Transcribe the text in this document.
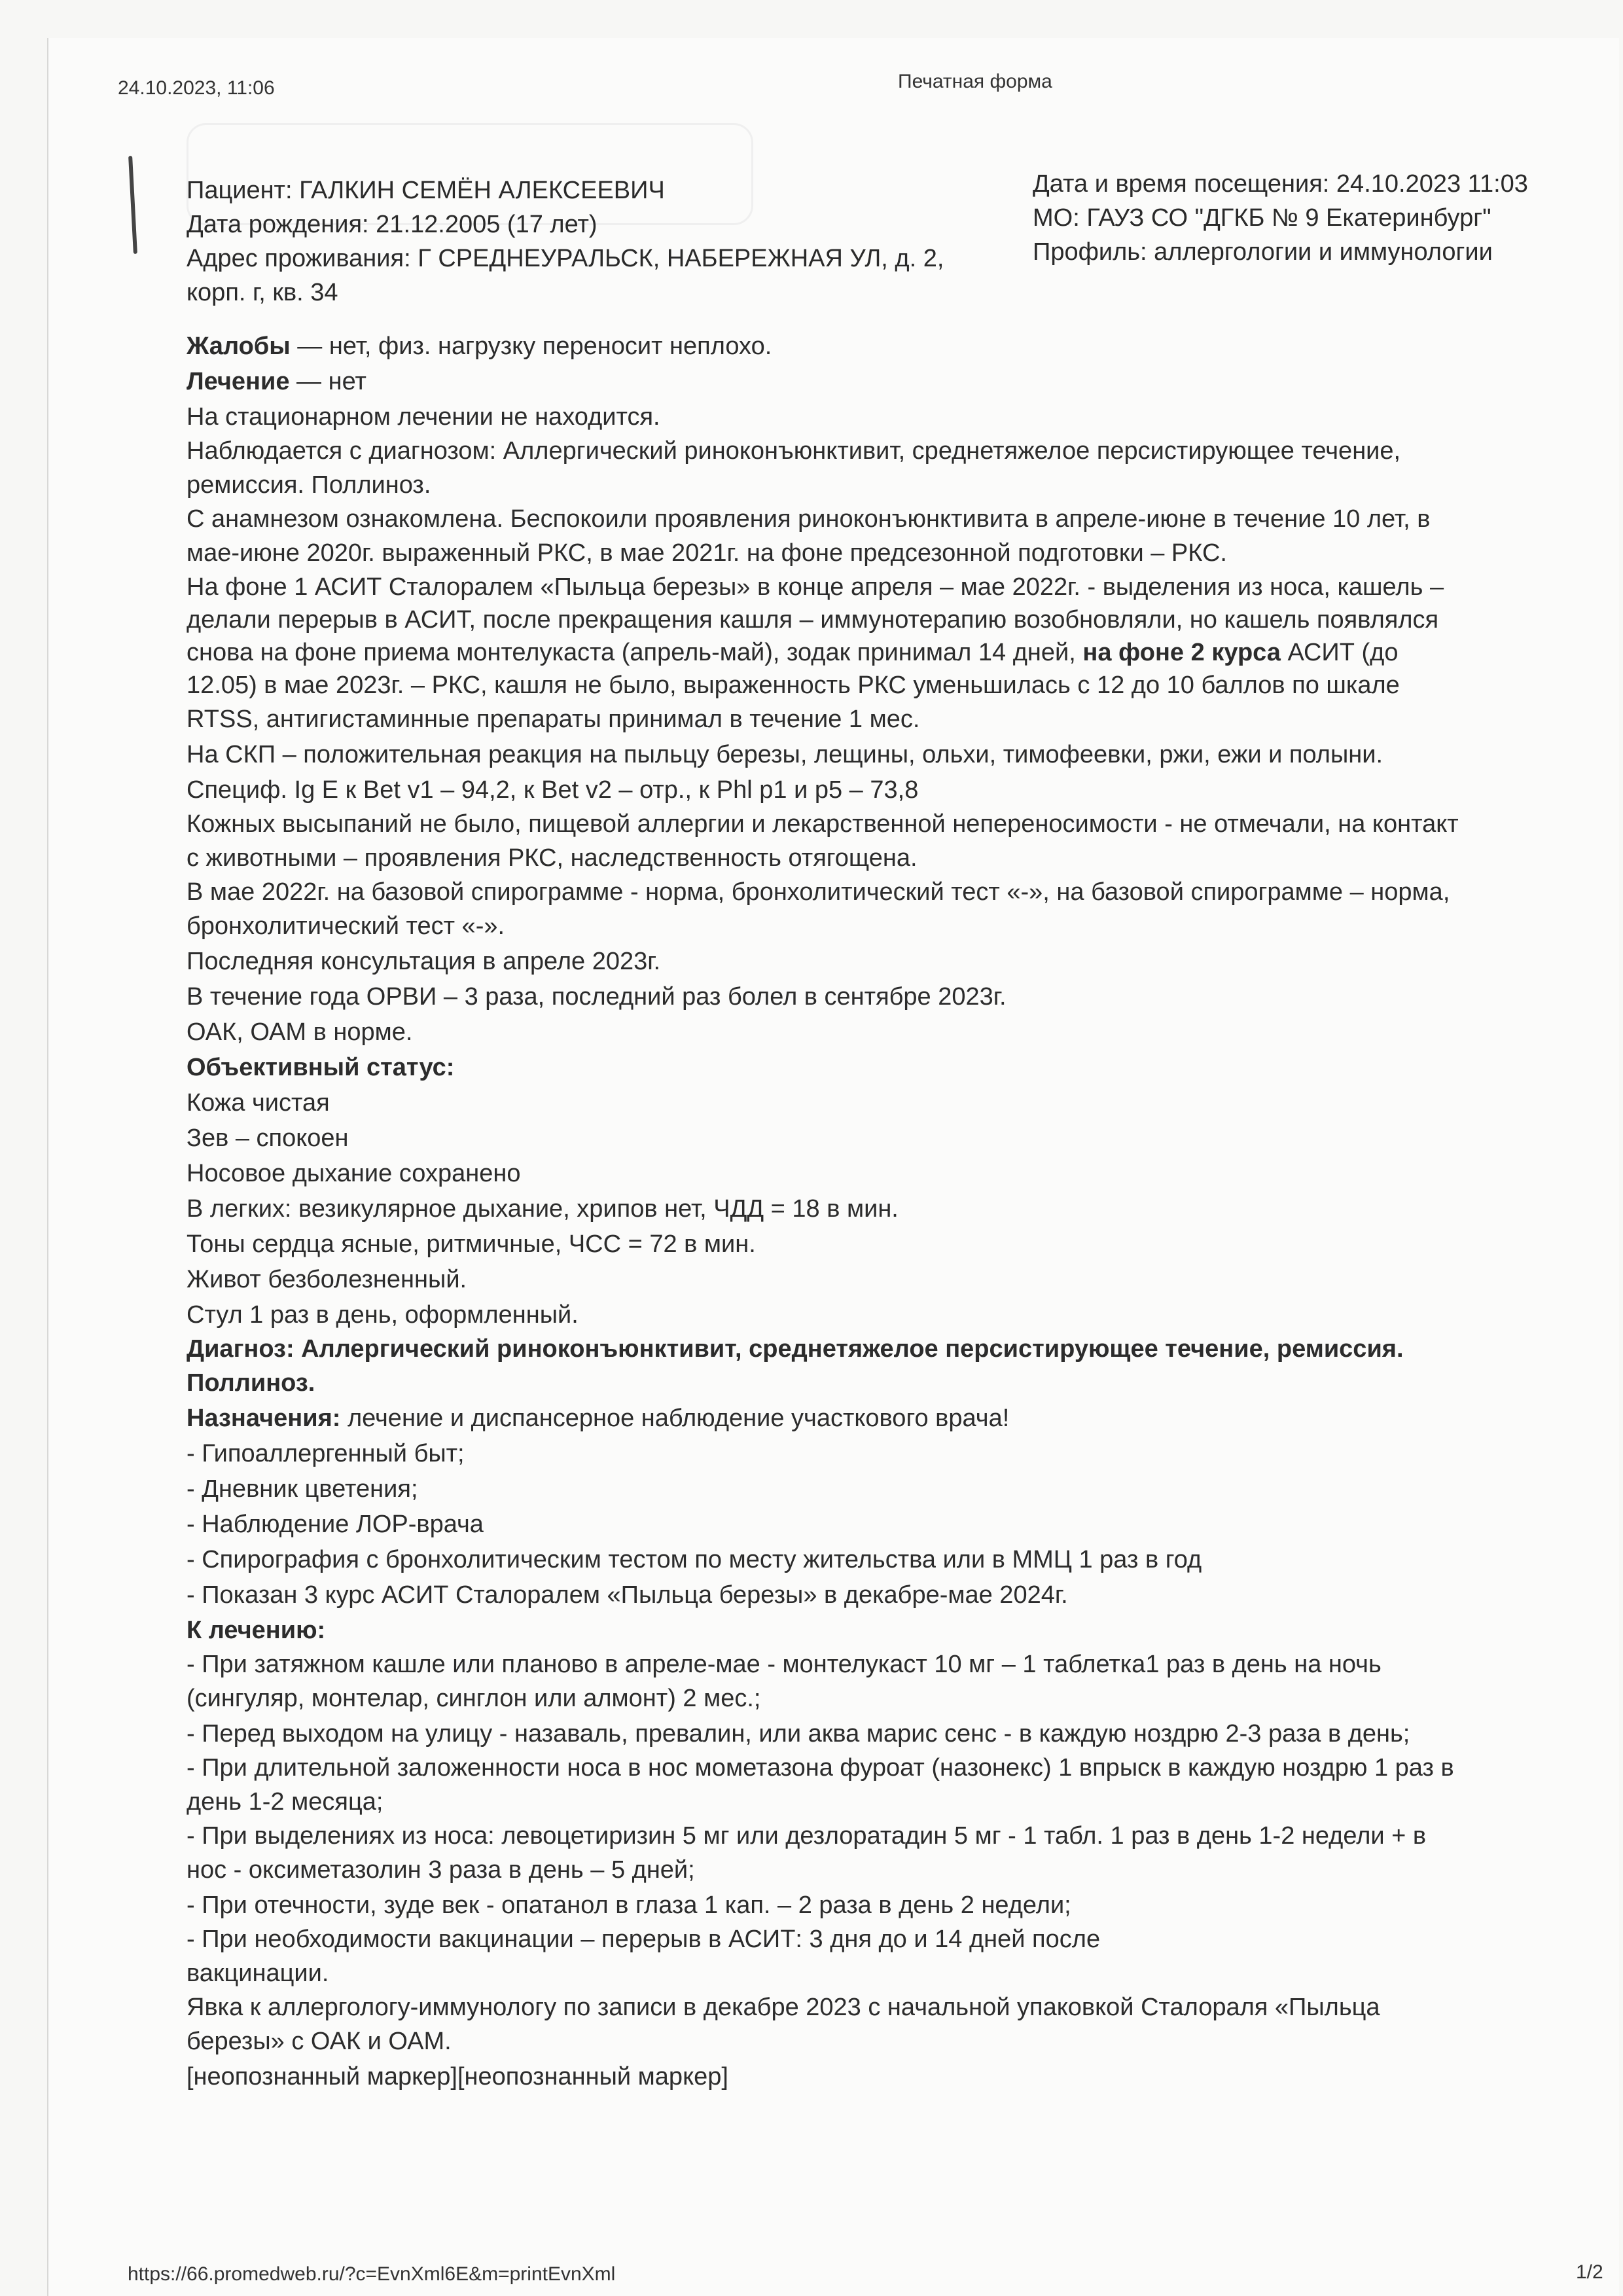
24.10.2023, 11:06	Печатная форма
Пациент: ГАЛКИН СЕМЁН АЛЕКСЕЕВИЧ
Дата рождения: 21.12.2005 (17 лет)
Адрес проживания: Г СРЕДНЕУРАЛЬСК, НАБЕРЕЖНАЯ УЛ, д. 2,
корп. г, кв. 34
Дата и время посещения: 24.10.2023 11:03
МО: ГАУЗ СО "ДГКБ № 9 Екатеринбург"
Профиль: аллергологии и иммунологии

Жалобы — нет, физ. нагрузку переносит неплохо.

Лечение — нет

На стационарном лечении не находится.

Наблюдается с диагнозом: Аллергический риноконъюнктивит, среднетяжелое персистирующее течение,

ремиссия. Поллиноз.

С анамнезом ознакомлена. Беспокоили проявления риноконъюнктивита в апреле-июне в течение 10 лет, в

мае-июне 2020г. выраженный РКС, в мае 2021г. на фоне предсезонной подготовки – РКС.

На фоне 1 АСИТ Сталоралем «Пыльца березы» в конце апреля – мае 2022г. - выделения из носа, кашель –

делали перерыв в АСИТ, после прекращения кашля – иммунотерапию возобновляли, но кашель появлялся

снова на фоне приема монтелукаста (апрель-май), зодак принимал 14 дней, на фоне 2 курса АСИТ (до

12.05) в мае 2023г. – РКС, кашля не было, выраженность РКС уменьшилась с 12 до 10 баллов по шкале

RTSS, антигистаминные препараты принимал в течение 1 мес.

На СКП – положительная реакция на пыльцу березы, лещины, ольхи, тимофеевки, ржи, ежи и полыни.

Специф. Ig E к Bet v1 – 94,2, к Bet v2 – отр., к Phl p1 и p5 – 73,8

Кожных высыпаний не было, пищевой аллергии и лекарственной непереносимости - не отмечали, на контакт

с животными – проявления РКС, наследственность отягощена.

В мае 2022г. на базовой спирограмме - норма, бронхолитический тест «-», на базовой спирограмме – норма,

бронхолитический тест «-».

Последняя консультация в апреле 2023г.

В течение года ОРВИ – 3 раза, последний раз болел в сентябре 2023г.

ОАК, ОАМ в норме.

Объективный статус:

Кожа чистая

Зев – спокоен

Носовое дыхание сохранено

В легких: везикулярное дыхание, хрипов нет, ЧДД = 18 в мин.

Тоны сердца ясные, ритмичные, ЧСС = 72 в мин.

Живот безболезненный.

Стул 1 раз в день, оформленный.

Диагноз: Аллергический риноконъюнктивит, среднетяжелое персистирующее течение, ремиссия.

Поллиноз.

Назначения: лечение и диспансерное наблюдение участкового врача!

- Гипоаллергенный быт;

- Дневник цветения;

- Наблюдение ЛОР-врача

- Спирография с бронхолитическим тестом по месту жительства или в ММЦ 1 раз в год

- Показан 3 курс АСИТ Сталоралем «Пыльца березы» в декабре-мае 2024г.

К лечению:

- При затяжном кашле или планово в апреле-мае - монтелукаст 10 мг – 1 таблетка1 раз в день на ночь

(сингуляр, монтелар, синглон или алмонт) 2 мес.;

- Перед выходом на улицу - назаваль, превалин, или аква марис сенс - в каждую ноздрю 2-3 раза в день;

- При длительной заложенности носа в нос мометазона фуроат (назонекс) 1 впрыск в каждую ноздрю 1 раз в

день 1-2 месяца;

- При выделениях из носа: левоцетиризин 5 мг или дезлоратадин 5 мг - 1 табл. 1 раз в день 1-2 недели + в

нос - оксиметазолин 3 раза в день – 5 дней;

- При отечности, зуде век - опатанол в глаза 1 кап. – 2 раза в день 2 недели;

- При необходимости вакцинации – перерыв в АСИТ: 3 дня до и 14 дней после

вакцинации.

Явка к аллергологу-иммунологу по записи в декабре 2023 с начальной упаковкой Сталораля «Пыльца

березы» с ОАК и ОАМ.

[неопознанный маркер][неопознанный маркер]

https://66.promedweb.ru/?c=EvnXml6E&m=printEvnXml	1/2
